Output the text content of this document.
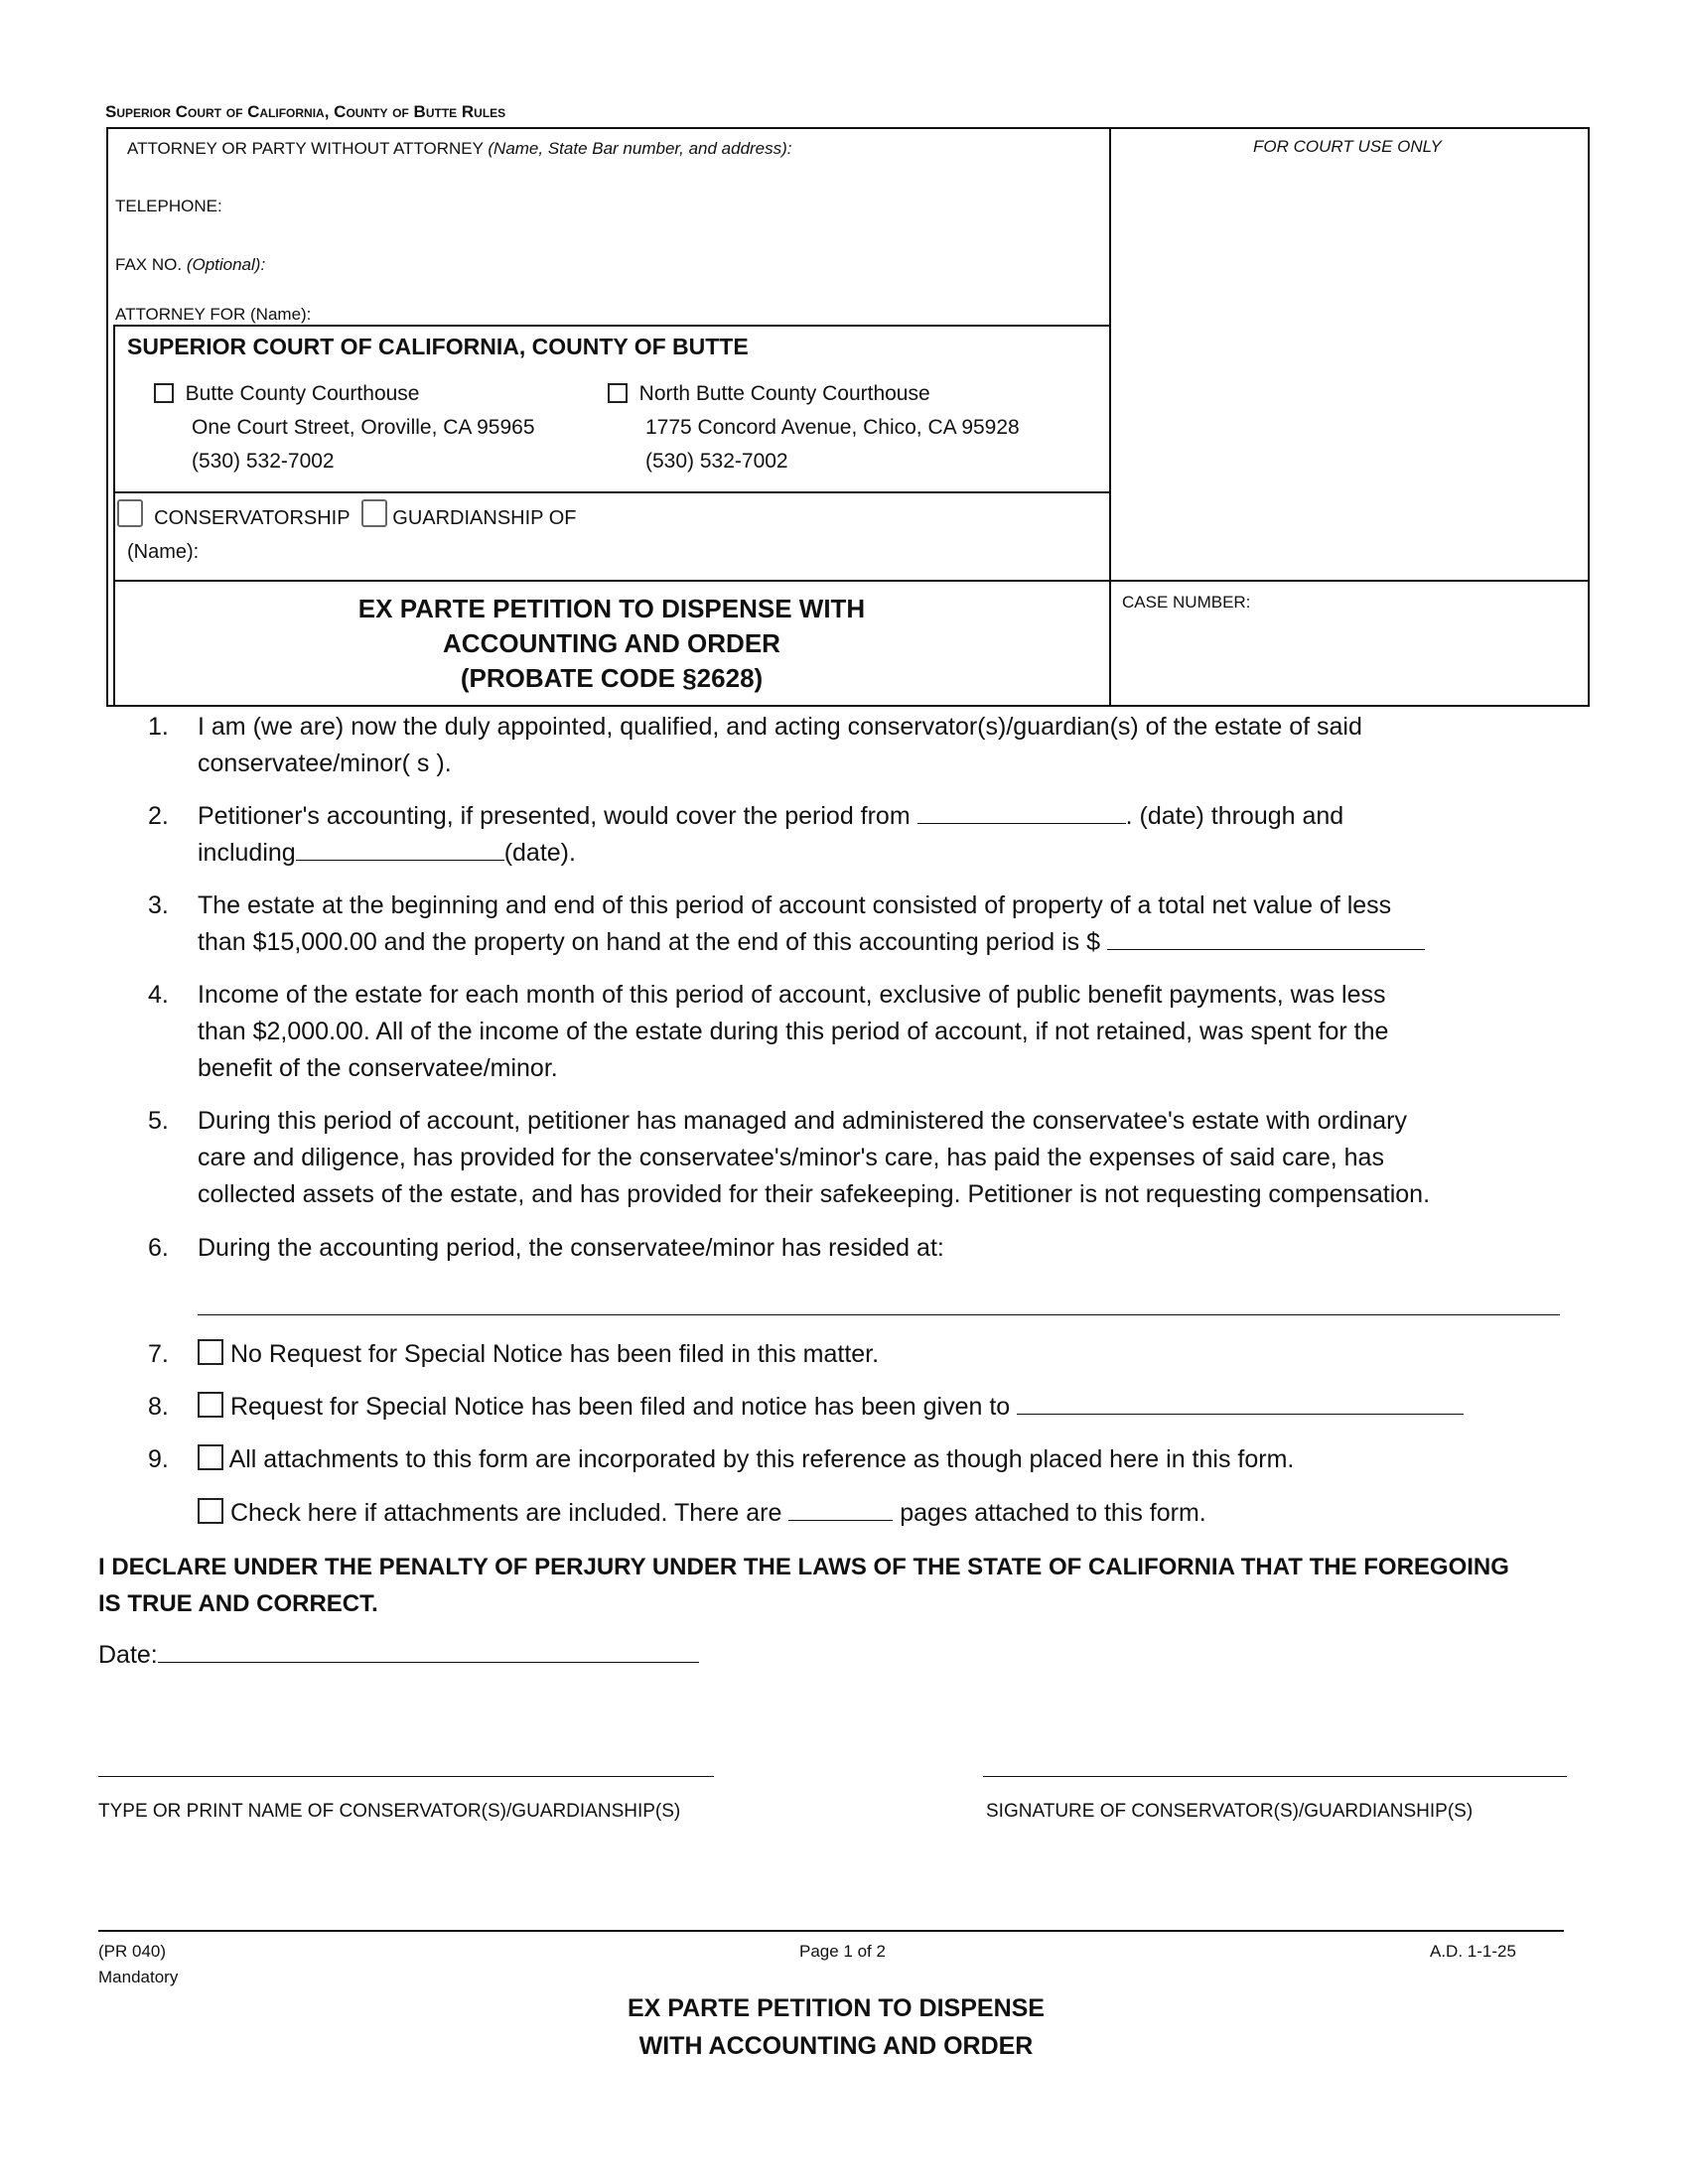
Superior Court of California, County of Butte Rules
ATTORNEY OR PARTY WITHOUT ATTORNEY (Name, State Bar number, and address):
TELEPHONE:
FAX NO. (Optional):
ATTORNEY FOR (Name):
FOR COURT USE ONLY
SUPERIOR COURT OF CALIFORNIA, COUNTY OF BUTTE
Butte County Courthouse
One Court Street, Oroville, CA 95965
(530) 532-7002
North Butte County Courthouse
1775 Concord Avenue, Chico, CA 95928
(530) 532-7002
CONSERVATORSHIP GUARDIANSHIP OF
(Name):
EX PARTE PETITION TO DISPENSE WITH
ACCOUNTING AND ORDER
(PROBATE CODE §2628)
CASE NUMBER:
1.	I am (we are) now the duly appointed, qualified, and acting conservator(s)/guardian(s) of the estate of said
conservatee/minor( s ).
2.	Petitioner's accounting, if presented, would cover the period from	. (date) through and
including	(date).
3.	The estate at the beginning and end of this period of account consisted of property of a total net value of less
than $15,000.00 and the property on hand at the end of this accounting period is $
4.	Income of the estate for each month of this period of account, exclusive of public benefit payments, was less
than $2,000.00. All of the income of the estate during this period of account, if not retained, was spent for the
benefit of the conservatee/minor.
5.	During this period of account, petitioner has managed and administered the conservatee's estate with ordinary
care and diligence, has provided for the conservatee's/minor's care, has paid the expenses of said care, has
collected assets of the estate, and has provided for their safekeeping. Petitioner is not requesting compensation.
6.	During the accounting period, the conservatee/minor has resided at:
7.	No Request for Special Notice has been filed in this matter.
8.	Request for Special Notice has been filed and notice has been given to
9.	All attachments to this form are incorporated by this reference as though placed here in this form.
Check here if attachments are included. There are	pages attached to this form.
I DECLARE UNDER THE PENALTY OF PERJURY UNDER THE LAWS OF THE STATE OF CALIFORNIA THAT THE FOREGOING
IS TRUE AND CORRECT.
Date:
TYPE OR PRINT NAME OF CONSERVATOR(S)/GUARDIANSHIP(S)	SIGNATURE OF CONSERVATOR(S)/GUARDIANSHIP(S)
(PR 040)
Mandatory
Page 1 of 2	A.D. 1-1-25
EX PARTE PETITION TO DISPENSE
WITH ACCOUNTING AND ORDER
